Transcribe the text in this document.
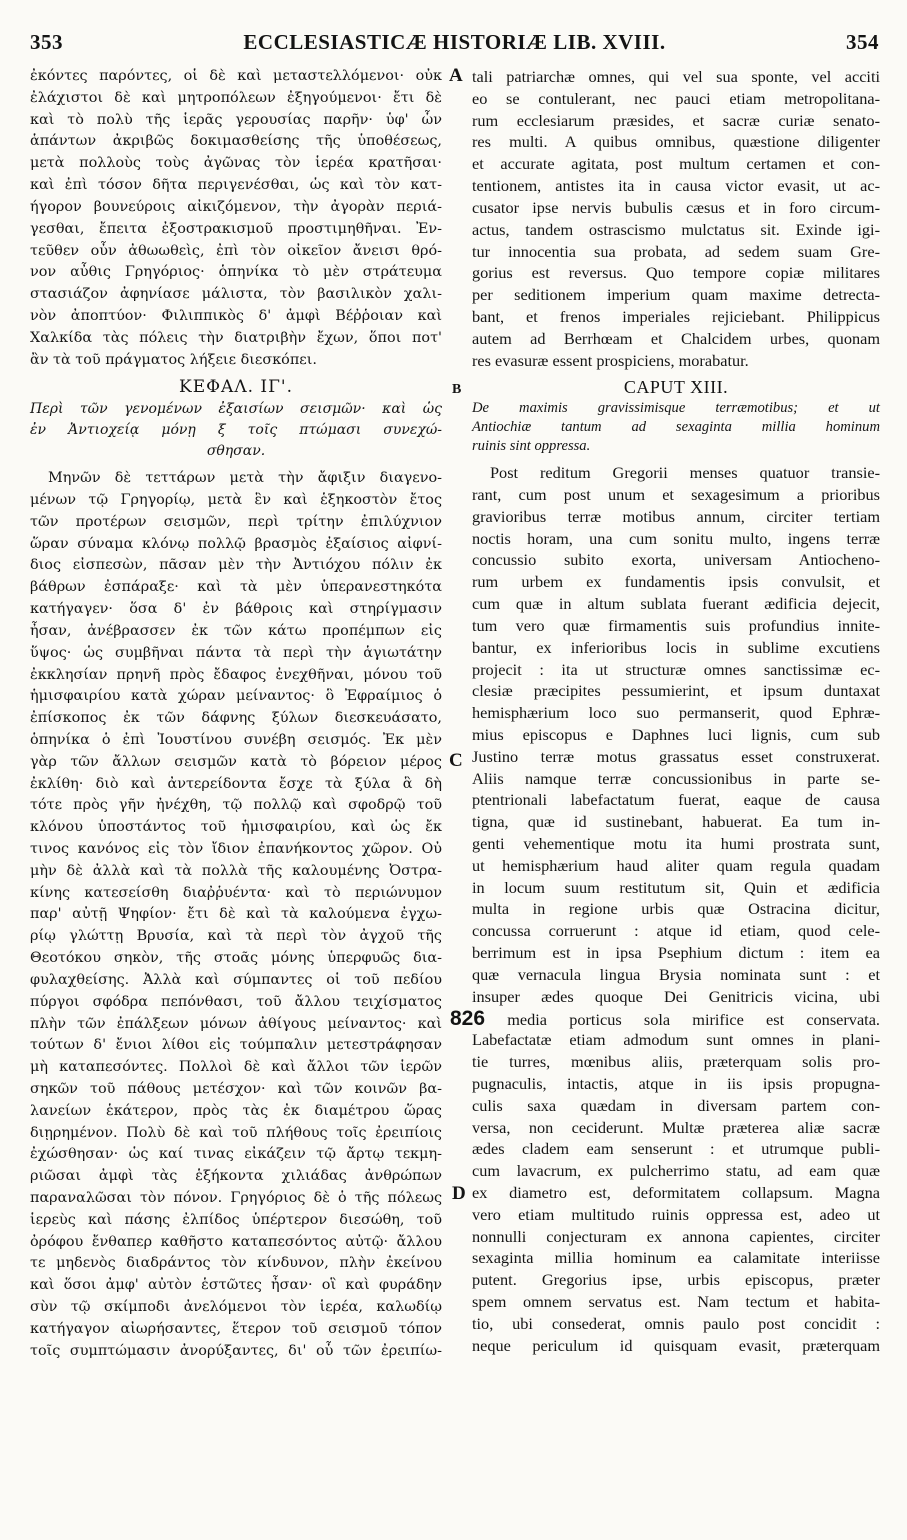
353	ECCLESIASTICÆ HISTORIÆ LIB. XVIII.	354
A
B
C
D
ἐκόντες παρόντες, οἱ δὲ καὶ μεταστελλόμενοι· οὐκ
ἐλάχιστοι δὲ καὶ μητροπόλεων ἐξηγούμενοι· ἔτι δὲ
καὶ τὸ πολὺ τῆς ἱερᾶς γερουσίας παρῆν· ὑφ' ὧν
ἁπάντων ἀκριβῶς δοκιμασθείσης τῆς ὑποθέσεως,
μετὰ πολλοὺς τοὺς ἀγῶνας τὸν ἱερέα κρατῆσαι·
καὶ ἐπὶ τόσον δῆτα περιγενέσθαι, ὡς καὶ τὸν κατ-
ήγορον βουνεύροις αἰκιζόμενον, τὴν ἀγορὰν περιά-
γεσθαι, ἔπειτα ἐξοστρακισμοῦ προστιμηθῆναι. Ἐν-
τεῦθεν οὖν ἀθωωθεὶς, ἐπὶ τὸν οἰκεῖον ἄνεισι θρό-
νον αὖθις Γρηγόριος· ὁπηνίκα τὸ μὲν στράτευμα
στασιάζον ἀφηνίασε μάλιστα, τὸν βασιλικὸν χαλι-
νὸν ἀποπτύον· Φιλιππικὸς δ' ἀμφὶ Βέῤῥοιαν καὶ
Χαλκίδα τὰς πόλεις τὴν διατριβὴν ἔχων, ὅποι ποτ'
ἂν τὰ τοῦ πράγματος λήξειε διεσκόπει.
ΚΕΦΑΛ. ΙΓ'.
Περὶ τῶν γενομένων ἐξαισίων σεισμῶν· καὶ ὡς
ἐν Ἀντιοχείᾳ μόνῃ ξ τοῖς πτώμασι συνεχώ-
σθησαν.
Μηνῶν δὲ τεττάρων μετὰ τὴν ἄφιξιν διαγενο-
μένων τῷ Γρηγορίῳ, μετὰ ἓν καὶ ἑξηκοστὸν ἔτος
τῶν προτέρων σεισμῶν, περὶ τρίτην ἐπιλύχνιον
ὥραν σύναμα κλόνῳ πολλῷ βρασμὸς ἐξαίσιος αἰφνί-
διος εἰσπεσὼν, πᾶσαν μὲν τὴν Ἀντιόχου πόλιν ἐκ
βάθρων ἐσπάραξε· καὶ τὰ μὲν ὑπερανεστηκότα
κατήγαγεν· ὅσα δ' ἐν βάθροις καὶ στηρίγμασιν
ἦσαν, ἀνέβρασσεν ἐκ τῶν κάτω προπέμπων εἰς
ὕψος· ὡς συμβῆναι πάντα τὰ περὶ τὴν ἁγιωτάτην
ἐκκλησίαν πρηνῆ πρὸς ἔδαφος ἐνεχθῆναι, μόνου τοῦ
ἡμισφαιρίου κατὰ χώραν μείναντος· ὃ Ἐφραίμιος ὁ
ἐπίσκοπος ἐκ τῶν δάφνης ξύλων διεσκευάσατο,
ὁπηνίκα ὁ ἐπὶ Ἰουστίνου συνέβη σεισμός. Ἐκ μὲν
γὰρ τῶν ἄλλων σεισμῶν κατὰ τὸ βόρειον μέρος
ἐκλίθη· διὸ καὶ ἀντερείδοντα ἔσχε τὰ ξύλα ἃ δὴ
τότε πρὸς γῆν ἠνέχθη, τῷ πολλῷ καὶ σφοδρῷ τοῦ
κλόνου ὑποστάντος τοῦ ἡμισφαιρίου, καὶ ὡς ἔκ
τινος κανόνος εἰς τὸν ἴδιον ἐπανήκοντος χῶρον. Οὐ
μὴν δὲ ἀλλὰ καὶ τὰ πολλὰ τῆς καλουμένης Ὀστρα-
κίνης κατεσείσθη διαῤῥυέντα· καὶ τὸ περιώνυμον
παρ' αὐτῇ Ψηφίον· ἔτι δὲ καὶ τὰ καλούμενα ἐγχω-
ρίῳ γλώττῃ Βρυσία, καὶ τὰ περὶ τὸν ἀγχοῦ τῆς
Θεοτόκου σηκὸν, τῆς στοᾶς μόνης ὑπερφυῶς δια-
φυλαχθείσης. Ἀλλὰ καὶ σύμπαντες οἱ τοῦ πεδίου
πύργοι σφόδρα πεπόνθασι, τοῦ ἄλλου τειχίσματος
πλὴν τῶν ἐπάλξεων μόνων ἀθίγους μείναντος· καὶ
τούτων δ' ἔνιοι λίθοι εἰς τούμπαλιν μετεστράφησαν
μὴ καταπεσόντες. Πολλοὶ δὲ καὶ ἄλλοι τῶν ἱερῶν
σηκῶν τοῦ πάθους μετέσχον· καὶ τῶν κοινῶν βα-
λανείων ἑκάτερον, πρὸς τὰς ἐκ διαμέτρου ὥρας
διῃρημένον. Πολὺ δὲ καὶ τοῦ πλήθους τοῖς ἐρειπίοις
ἐχώσθησαν· ὡς καί τινας εἰκάζειν τῷ ἄρτῳ τεκμη-
ριῶσαι ἀμφὶ τὰς ἑξήκοντα χιλιάδας ἀνθρώπων
παραναλῶσαι τὸν πόνον. Γρηγόριος δὲ ὁ τῆς πόλεως
ἱερεὺς καὶ πάσης ἐλπίδος ὑπέρτερον διεσώθη, τοῦ
ὀρόφου ἔνθαπερ καθῆστο καταπεσόντος αὐτῷ· ἄλλου
τε μηδενὸς διαδράντος τὸν κίνδυνον, πλὴν ἐκείνου
καὶ ὅσοι ἀμφ' αὐτὸν ἑστῶτες ἦσαν· οἳ καὶ φυράδην
σὺν τῷ σκίμποδι ἀνελόμενοι τὸν ἱερέα, καλωδίῳ
κατήγαγον αἰωρήσαντες, ἕτερον τοῦ σεισμοῦ τόπον
τοῖς συμπτώμασιν ἀνορύξαντες, δι' οὗ τῶν ἐρειπίω-
tali patriarchæ omnes, qui vel sua sponte, vel acciti
eo se contulerant, nec pauci etiam metropolitana-
rum ecclesiarum præsides, et sacræ curiæ senato-
res multi. A quibus omnibus, quæstione diligenter
et accurate agitata, post multum certamen et con-
tentionem, antistes ita in causa victor evasit, ut ac-
cusator ipse nervis bubulis cæsus et in foro circum-
actus, tandem ostrascismo mulctatus sit. Exinde igi-
tur innocentia sua probata, ad sedem suam Gre-
gorius est reversus. Quo tempore copiæ militares
per seditionem imperium quam maxime detrecta-
bant, et frenos imperiales rejiciebant. Philippicus
autem ad Berrhœam et Chalcidem urbes, quonam
res evasuræ essent prospiciens, morabatur.
CAPUT XIII.
De maximis gravissimisque terræmotibus; et ut
Antiochiæ tantum ad sexaginta millia hominum
ruinis sint oppressa.
Post reditum Gregorii menses quatuor transie-
rant, cum post unum et sexagesimum a prioribus
gravioribus terræ motibus annum, circiter tertiam
noctis horam, una cum sonitu multo, ingens terræ
concussio subito exorta, universam Antiocheno-
rum urbem ex fundamentis ipsis convulsit, et
cum quæ in altum sublata fuerant ædificia dejecit,
tum vero quæ firmamentis suis profundius innite-
bantur, ex inferioribus locis in sublime excutiens
projecit : ita ut structuræ omnes sanctissimæ ec-
clesiæ præcipites pessumierint, et ipsum duntaxat
hemisphærium loco suo permanserit, quod Ephræ-
mius episcopus e Daphnes luci lignis, cum sub
Justino terræ motus grassatus esset construxerat.
Aliis namque terræ concussionibus in parte se-
ptentrionali labefactatum fuerat, eaque de causa
tigna, quæ id sustinebant, habuerat. Ea tum in-
genti vehementique motu ita humi prostrata sunt,
ut hemisphærium haud aliter quam regula quadam
in locum suum restitutum sit, Quin et ædificia
multa in regione urbis quæ Ostracina dicitur,
concussa corruerunt : atque id etiam, quod cele-
berrimum est in ipsa Psephium dictum : item ea
quæ vernacula lingua Brysia nominata sunt : et
insuper ædes quoque Dei Genitricis vicina, ubi
826 media porticus sola mirifice est conservata.
Labefactatæ etiam admodum sunt omnes in plani-
tie turres, mœnibus aliis, præterquam solis pro-
pugnaculis, intactis, atque in iis ipsis propugna-
culis saxa quædam in diversam partem con-
versa, non ceciderunt. Multæ præterea aliæ sacræ
ædes cladem eam senserunt : et utrumque publi-
cum lavacrum, ex pulcherrimo statu, ad eam quæ
ex diametro est, deformitatem collapsum. Magna
vero etiam multitudo ruinis oppressa est, adeo ut
nonnulli conjecturam ex annona capientes, circiter
sexaginta millia hominum ea calamitate interiisse
putent. Gregorius ipse, urbis episcopus, præter
spem omnem servatus est. Nam tectum et habita-
tio, ubi consederat, omnis paulo post concidit :
neque periculum id quisquam evasit, præterquam
